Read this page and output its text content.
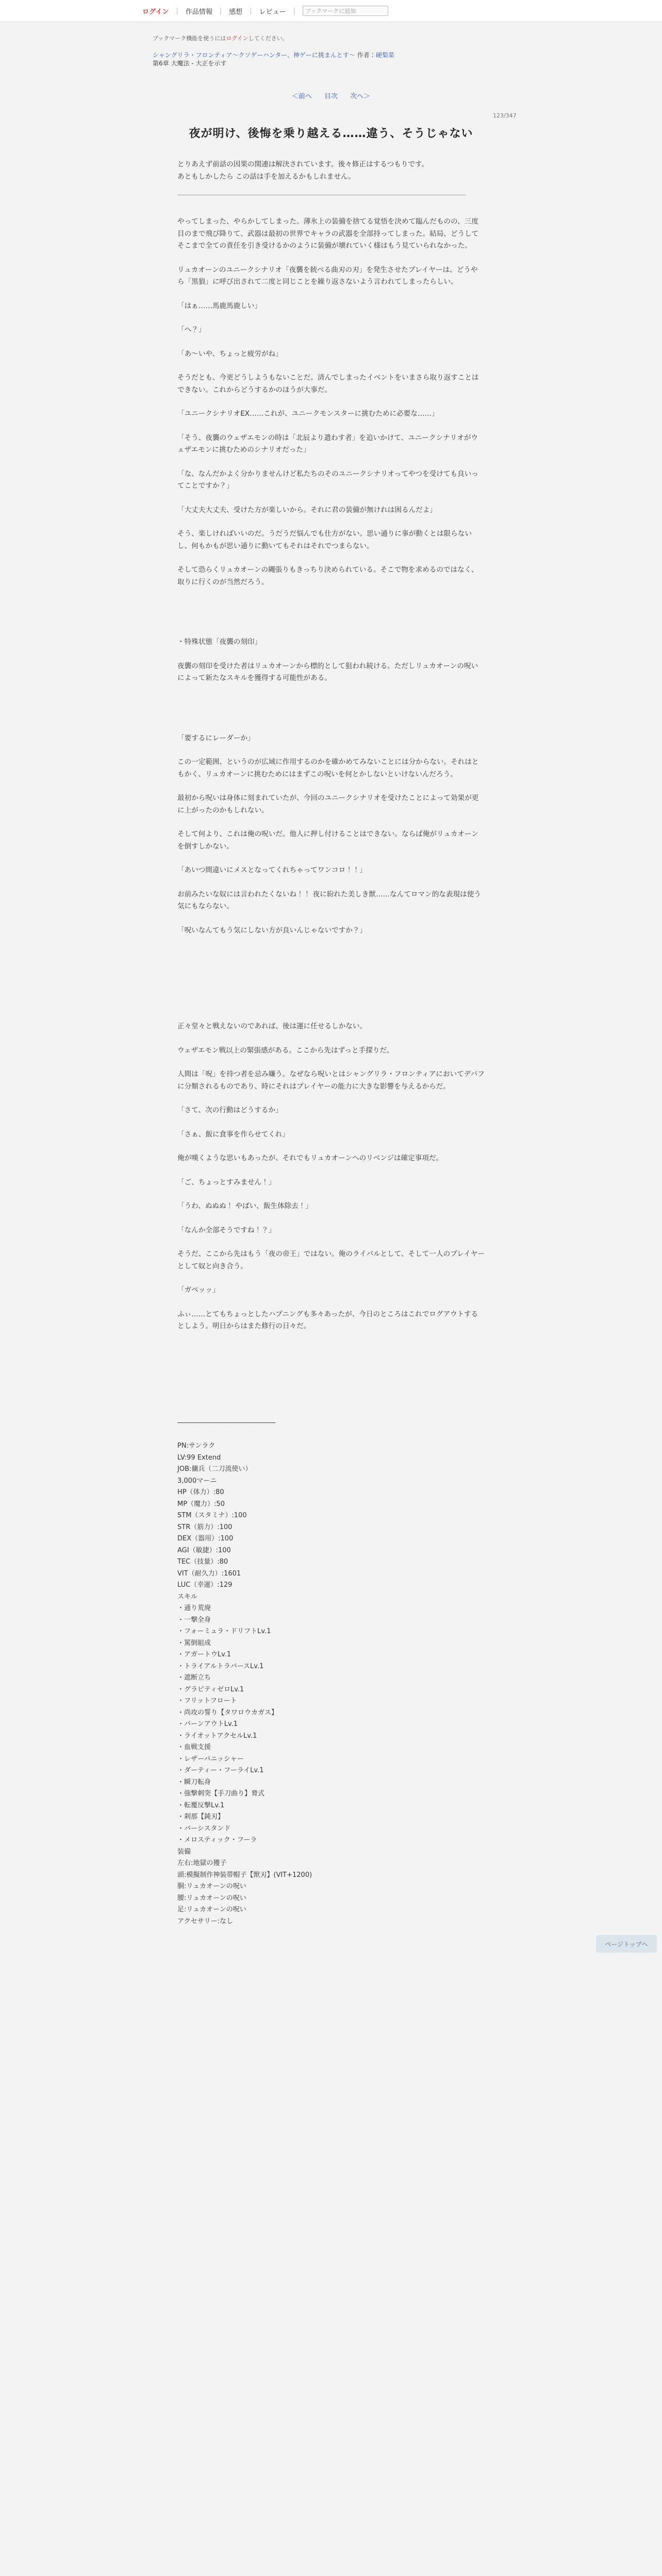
ログイン | 作品情報 | 感想 | レビュー |	ブックマークに追加
ブックマーク機能を使うにはログインしてください。
シャングリラ・フロンティア〜クソゲーハンター、神ゲーに挑まんとす〜 作者：硬梨菜
第6章 大魔法 - 大正を示す
＜前へ 目次 次へ＞
123/347
夜が明け、後悔を乗り越える……違う、そうじゃない
とりあえず前話の因果の関連は解決されています。後々修正はするつもりです。
あともしかしたら この話は手を加えるかもしれません。
やってしまった、やらかしてしまった。薄氷上の装備を捨てる覚悟を決めて臨んだものの、三度目のまで飛び降りて、武器は最初の世界でキャラの武器を全部持ってしまった。結局、どうしてそこまで全ての責任を引き受けるかのように装備が壊れていく様はもう見ていられなかった。
リュカオーンのユニークシナリオ「夜襲を統べる曲刃の刃」を発生させたプレイヤーは、どうやら「黒狼」に呼び出されて二度と同じことを繰り返さないよう言われてしまったらしい。
「はぁ……馬鹿馬鹿しい」
「へ？」
「あ～いや、ちょっと疲労がね」
そうだとも、今更どうしようもないことだ。済んでしまったイベントをいまさら取り返すことはできない。これからどうするかのほうが大事だ。
「ユニークシナリオEX……これが、ユニークモンスターに挑むために必要な……」
「そう、夜襲のウェザエモンの時は「北辰より遣わす者」を追いかけて、ユニークシナリオがウェザエモンに挑むためのシナリオだった」
「な、なんだかよく分かりませんけど私たちのそのユニークシナリオってやつを受けても良いってことですか？」
「大丈夫大丈夫、受けた方が楽しいから。それに君の装備が無けれは困るんだよ」
そう、楽しければいいのだ。うだうだ悩んでも仕方がない。思い通りに事が動くとは限らないし、何もかもが思い通りに動いてもそれはそれでつまらない。
そして恐らくリュカオーンの縄張りもきっちり決められている。そこで物を求めるのではなく、取りに行くのが当然だろう。
・特殊状態「夜襲の刻印」
夜襲の刻印を受けた者はリュカオーンから標的として狙われ続ける。ただしリュカオーンの呪いによって新たなスキルを獲得する可能性がある。
「要するにレーダーか」
この一定範囲、というのが広域に作用するのかを確かめてみないことには分からない。それはともかく、リュカオーンに挑むためにはまずこの呪いを何とかしないといけないんだろう。
最初から呪いは身体に刻まれていたが、今回のユニークシナリオを受けたことによって効果が更に上がったのかもしれない。
そして何より、これは俺の呪いだ。他人に押し付けることはできない。ならば俺がリュカオーンを倒すしかない。
「あいつ間違いにメスとなってくれちゃってワンコロ！！」
お前みたいな奴には言われたくないね！！ 夜に紛れた美しき獣……なんてロマン的な表現は使う気にもならない。
「呪いなんてもう気にしない方が良いんじゃないですか？」
正々堂々と戦えないのであれば、後は運に任せるしかない。
ウェザエモン戦以上の緊張感がある。ここから先はずっと手探りだ。
人間は「呪」を持つ者を忌み嫌う。なぜなら呪いとはシャングリラ・フロンティアにおいてデバフに分類されるものであり、時にそれはプレイヤーの能力に大きな影響を与えるからだ。
「さて、次の行動はどうするか」
「さぁ、飯に食事を作らせてくれ」
俺が嘆くような思いもあったが、それでもリュカオーンへのリベンジは確定事項だ。
「ご、ちょっとすみません！」
「うわ、ぬぬぬ！ やばい、飯生体除去！」
「なんか全部そうですね！？」
そうだ、ここから先はもう「夜の帝王」ではない。俺のライバルとして、そして一人のプレイヤーとして奴と向き合う。
「ガベッッ」
ふぃ……とてもちょっとしたハプニングも多々あったが、今日のところはこれでログアウトするとしよう。明日からはまた修行の日々だ。
――――――――――――――
PN:サンラク
LV:99 Extend
JOB:傭兵（二刀流使い）
3,000マーニ
HP（体力）:80
MP（魔力）:50
STM（スタミナ）:100
STR（筋力）:100
DEX（器用）:100
AGI（敏捷）:100
TEC（技量）:80
VIT（耐久力）:1601
LUC（幸運）:129
スキル
・通り荒廃
・一撃全身
・フォーミュラ・ドリフトLv.1
・罵倒組成
・アガートウLv.1
・トライアルトラバースLv.1
・遮断立ち
・グラビティゼロLv.1
・フリットフロート
・尚攻の誓り【タワロウカガス】
・バーンアウトLv.1
・ライオットアクセルLv.1
・血戦支援
・レザーパニッシャー
・ダーティー・フーライLv.1
・瞬刀転身
・強撃刺突【手刀曲り】脅式
・転覆反撃Lv.1
・刹那【鈍刃】
・バーシスタンド
・メロスティック・フーラ
装備
左右:地獄の獲子
頭:模擬制作神装帯帽子【獣刃】(VIT+1200)
胴:リュカオーンの呪い
腰:リュカオーンの呪い
足:リュカオーンの呪い
アクセサリー:なし
ページトップへ
